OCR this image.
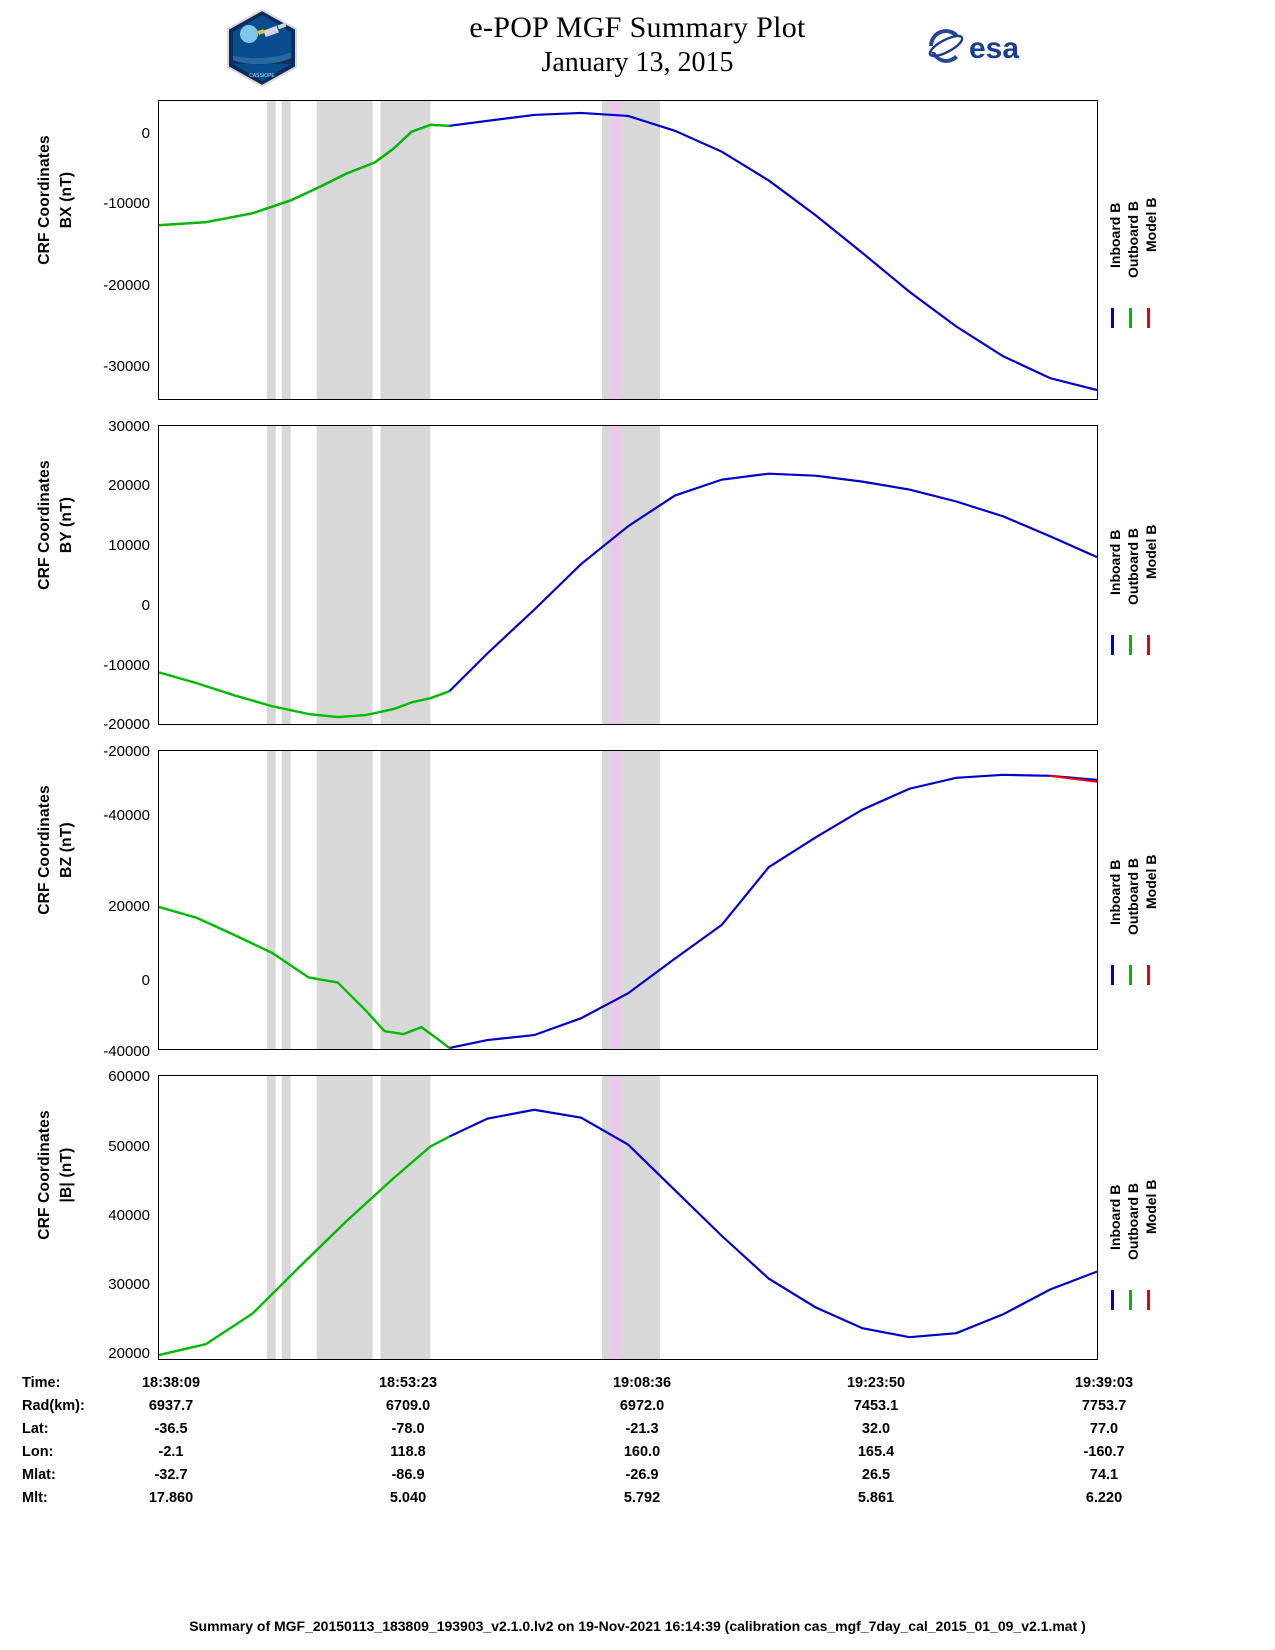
CASSIOPE
e-POP MGF Summary Plot
January 13, 2015	esa
0
-10000
-20000
-30000
CRF Coordinates BX (nT)
Inboard B Outboard B Model B
30000
20000
10000
0
-10000
-20000
CRF Coordinates BY (nT)
Inboard B Outboard B Model B
-20000
-40000
20000
0
-40000
CRF Coordinates BZ (nT)
Inboard B Outboard B Model B
60000
50000
40000
30000
20000
CRF Coordinates |B| (nT)
Inboard B Outboard B Model B
Time:	18:38:09	18:53:23	19:08:36	19:23:50	19:39:03
Rad(km):	6937.7	6709.0	6972.0	7453.1	7753.7
Lat:	-36.5	-78.0	-21.3	32.0	77.0
Lon:	-2.1	118.8	160.0	165.4	-160.7
Mlat:	-32.7	-86.9	-26.9	26.5	74.1
Mlt:	17.860	5.040	5.792	5.861	6.220
Summary of MGF_20150113_183809_193903_v2.1.0.lv2 on 19-Nov-2021 16:14:39 (calibration cas_mgf_7day_cal_2015_01_09_v2.1.mat )
